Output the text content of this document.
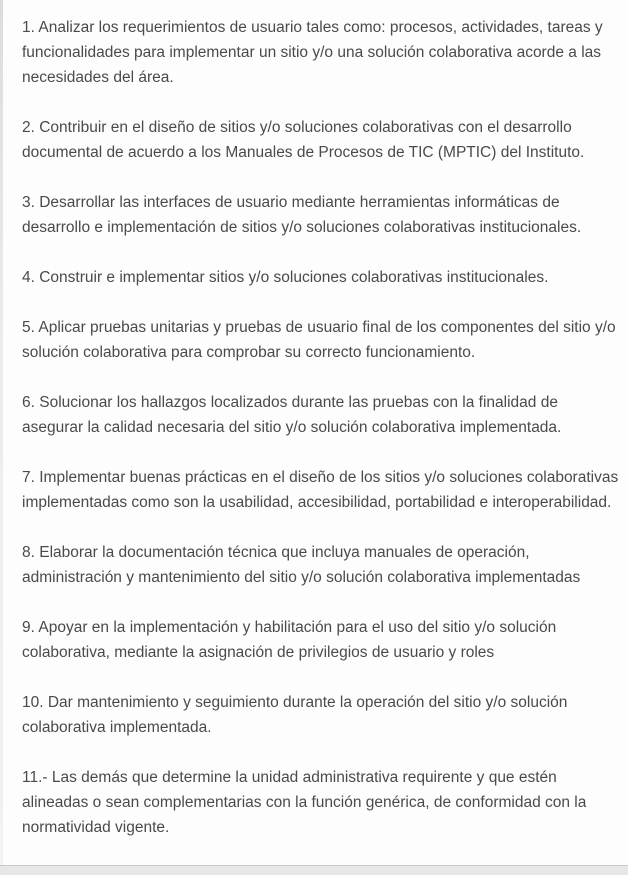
1. Analizar los requerimientos de usuario tales como: procesos, actividades, tareas y funcionalidades para implementar un sitio y/o una solución colaborativa acorde a las necesidades del área.

2. Contribuir en el diseño de sitios y/o soluciones colaborativas con el desarrollo documental de acuerdo a los Manuales de Procesos de TIC (MPTIC) del Instituto.

3. Desarrollar las interfaces de usuario mediante herramientas informáticas de desarrollo e implementación de sitios y/o soluciones colaborativas institucionales.

4. Construir e implementar sitios y/o soluciones colaborativas institucionales.

5. Aplicar pruebas unitarias y pruebas de usuario final de los componentes del sitio y/o solución colaborativa para comprobar su correcto funcionamiento.

6. Solucionar los hallazgos localizados durante las pruebas con la finalidad de asegurar la calidad necesaria del sitio y/o solución colaborativa implementada.

7. Implementar buenas prácticas en el diseño de los sitios y/o soluciones colaborativas implementadas como son la usabilidad, accesibilidad, portabilidad e interoperabilidad.

8. Elaborar la documentación técnica que incluya manuales de operación, administración y mantenimiento del sitio y/o solución colaborativa implementadas

9. Apoyar en la implementación y habilitación para el uso del sitio y/o solución colaborativa, mediante la asignación de privilegios de usuario y roles

10. Dar mantenimiento y seguimiento durante la operación del sitio y/o solución colaborativa implementada.

11.- Las demás que determine la unidad administrativa requirente y que estén alineadas o sean complementarias con la función genérica, de conformidad con la normatividad vigente.
